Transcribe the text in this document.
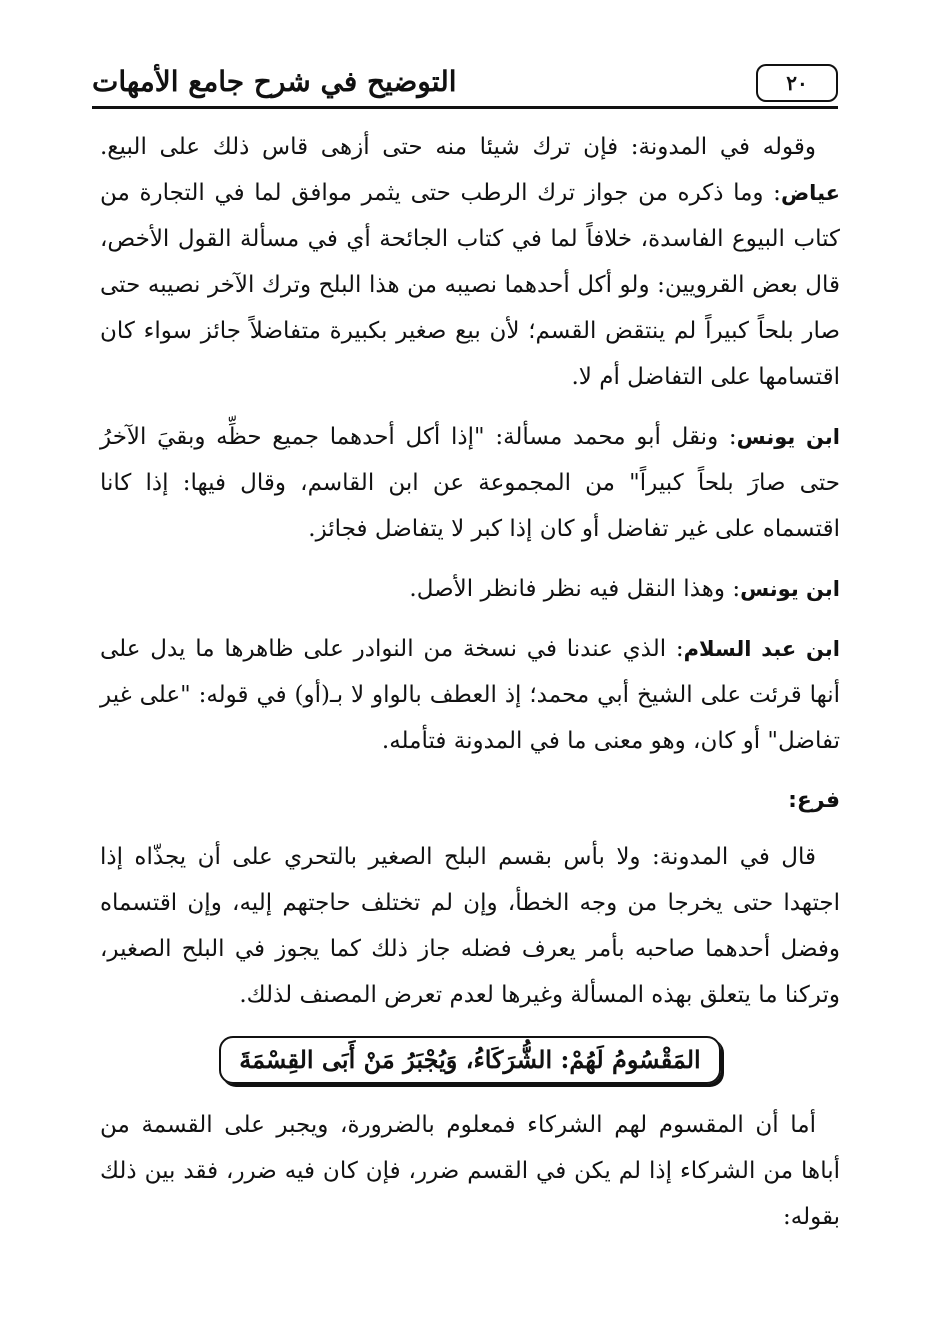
٢٠
التوضيح في شرح جامع الأمهات

وقوله في المدونة: فإن ترك شيئا منه حتى أزهى قاس ذلك على البيع. عياض: وما ذكره من جواز ترك الرطب حتى يثمر موافق لما في التجارة من كتاب البيوع الفاسدة، خلافاً لما في كتاب الجائحة أي في مسألة القول الأخص، قال بعض القرويين: ولو أكل أحدهما نصيبه من هذا البلح وترك الآخر نصيبه حتى صار بلحاً كبيراً لم ينتقض القسم؛ لأن بيع صغير بكبيرة متفاضلاً جائز سواء كان اقتسامها على التفاضل أم لا.

ابن يونس: ونقل أبو محمد مسألة: "إذا أكل أحدهما جميع حظِّه وبقيَ الآخرُ حتى صارَ بلحاً كبيراً" من المجموعة عن ابن القاسم، وقال فيها: إذا كانا اقتسماه على غير تفاضل أو كان إذا كبر لا يتفاضل فجائز.

ابن يونس: وهذا النقل فيه نظر فانظر الأصل.

ابن عبد السلام: الذي عندنا في نسخة من النوادر على ظاهرها ما يدل على أنها قرئت على الشيخ أبي محمد؛ إذ العطف بالواو لا بـ(أو) في قوله: "على غير تفاضل" أو كان، وهو معنى ما في المدونة فتأمله.

فرع:

قال في المدونة: ولا بأس بقسم البلح الصغير بالتحري على أن يجذّاه إذا اجتهدا حتى يخرجا من وجه الخطأ، وإن لم تختلف حاجتهم إليه، وإن اقتسماه وفضل أحدهما صاحبه بأمر يعرف فضله جاز ذلك كما يجوز في البلح الصغير، وتركنا ما يتعلق بهذه المسألة وغيرها لعدم تعرض المصنف لذلك.

المَقْسُومُ لَهُمْ: الشُّرَكَاءُ، وَيُجْبَرُ مَنْ أَبَى القِسْمَةَ

أما أن المقسوم لهم الشركاء فمعلوم بالضرورة، ويجبر على القسمة من أباها من الشركاء إذا لم يكن في القسم ضرر، فإن كان فيه ضرر، فقد بين ذلك بقوله:
